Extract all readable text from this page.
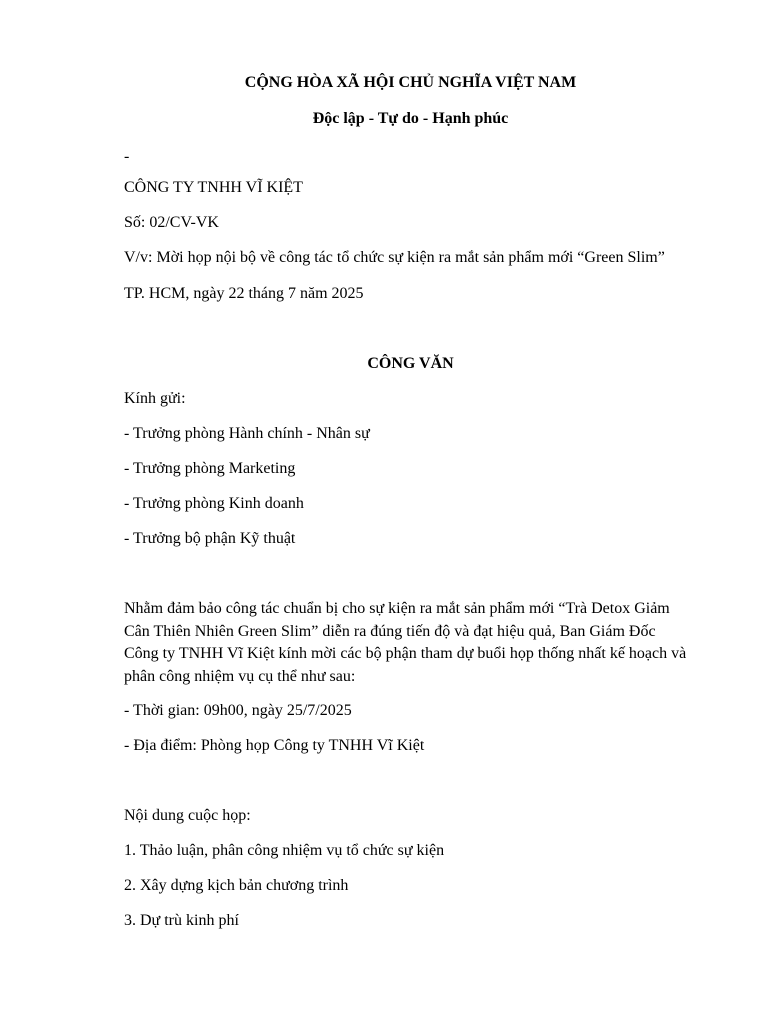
CỘNG HÒA XÃ HỘI CHỦ NGHĨA VIỆT NAM
Độc lập - Tự do - Hạnh phúc
-
CÔNG TY TNHH VĨ KIỆT
Số: 02/CV-VK
V/v: Mời họp nội bộ về công tác tổ chức sự kiện ra mắt sản phẩm mới “Green Slim”
TP. HCM, ngày 22 tháng 7 năm 2025
CÔNG VĂN
Kính gửi:
- Trưởng phòng Hành chính - Nhân sự
- Trưởng phòng Marketing
- Trưởng phòng Kinh doanh
- Trưởng bộ phận Kỹ thuật
Nhằm đảm bảo công tác chuẩn bị cho sự kiện ra mắt sản phẩm mới “Trà Detox Giảm Cân Thiên Nhiên Green Slim” diễn ra đúng tiến độ và đạt hiệu quả, Ban Giám Đốc Công ty TNHH Vĩ Kiệt kính mời các bộ phận tham dự buổi họp thống nhất kế hoạch và phân công nhiệm vụ cụ thể như sau:
- Thời gian: 09h00, ngày 25/7/2025
- Địa điểm: Phòng họp Công ty TNHH Vĩ Kiệt
Nội dung cuộc họp:
1. Thảo luận, phân công nhiệm vụ tổ chức sự kiện
2. Xây dựng kịch bản chương trình
3. Dự trù kinh phí
